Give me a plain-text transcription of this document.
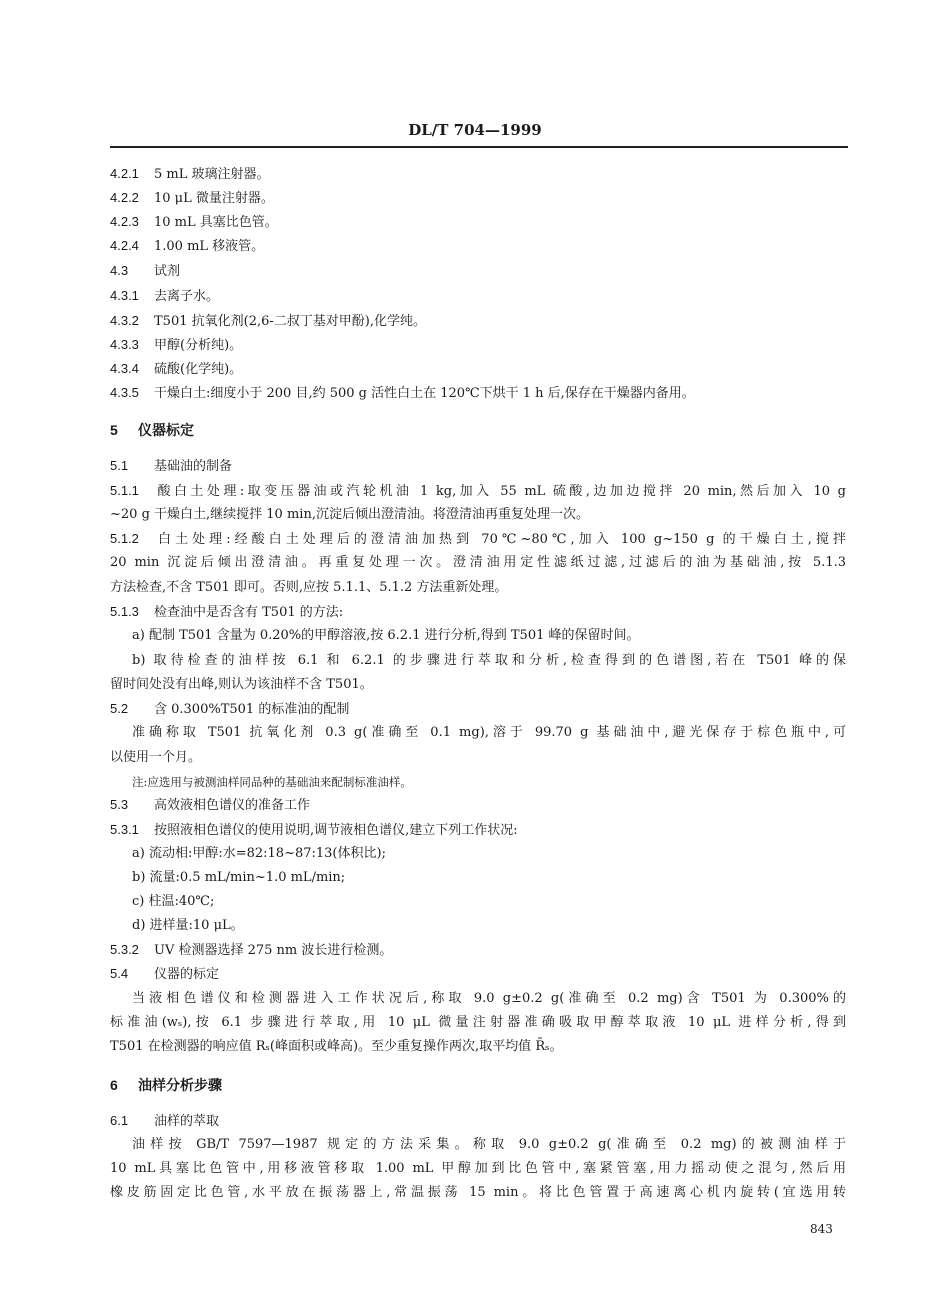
DL/T 704—1999
4.2.1 5 mL 玻璃注射器。
4.2.2 10 μL 微量注射器。
4.2.3 10 mL 具塞比色管。
4.2.4 1.00 mL 移液管。
4.3 试剂
4.3.1 去离子水。
4.3.2 T501 抗氧化剂(2,6-二叔丁基对甲酚),化学纯。
4.3.3 甲醇(分析纯)。
4.3.4 硫酸(化学纯)。
4.3.5 干燥白土:细度小于 200 目,约 500 g 活性白土在 120℃下烘干 1 h 后,保存在干燥器内备用。
5 仪器标定
5.1 基础油的制备
5.1.1 酸白土处理:取变压器油或汽轮机油 1 kg,加入 55 mL 硫酸,边加边搅拌 20 min,然后加入 10 g
~20 g 干燥白土,继续搅拌 10 min,沉淀后倾出澄清油。将澄清油再重复处理一次。
5.1.2 白土处理:经酸白土处理后的澄清油加热到 70℃~80℃,加入 100 g~150 g 的干燥白土,搅拌
20 min 沉淀后倾出澄清油。再重复处理一次。澄清油用定性滤纸过滤,过滤后的油为基础油,按 5.1.3
方法检查,不含 T501 即可。否则,应按 5.1.1、5.1.2 方法重新处理。
5.1.3 检查油中是否含有 T501 的方法:
a) 配制 T501 含量为 0.20%的甲醇溶液,按 6.2.1 进行分析,得到 T501 峰的保留时间。
b) 取待检查的油样按 6.1 和 6.2.1 的步骤进行萃取和分析,检查得到的色谱图,若在 T501 峰的保
留时间处没有出峰,则认为该油样不含 T501。
5.2 含 0.300%T501 的标准油的配制
准确称取 T501 抗氧化剂 0.3 g(准确至 0.1 mg),溶于 99.70 g 基础油中,避光保存于棕色瓶中,可
以使用一个月。
注:应选用与被测油样同品种的基础油来配制标准油样。
5.3 高效液相色谱仪的准备工作
5.3.1 按照液相色谱仪的使用说明,调节液相色谱仪,建立下列工作状况:
a) 流动相:甲醇:水=82:18~87:13(体积比);
b) 流量:0.5 mL/min~1.0 mL/min;
c) 柱温:40℃;
d) 进样量:10 μL。
5.3.2 UV 检测器选择 275 nm 波长进行检测。
5.4 仪器的标定
当液相色谱仪和检测器进入工作状况后,称取 9.0 g±0.2 g(准确至 0.2 mg)含 T501 为 0.300%的
标准油(wₛ),按 6.1 步骤进行萃取,用 10 μL 微量注射器准确吸取甲醇萃取液 10 μL 进样分析,得到
T501 在检测器的响应值 Rₛ(峰面积或峰高)。至少重复操作两次,取平均值 R̄ₛ。
6 油样分析步骤
6.1 油样的萃取
油样按 GB/T 7597—1987 规定的方法采集。称取 9.0 g±0.2 g(准确至 0.2 mg)的被测油样于
10 mL具塞比色管中,用移液管移取 1.00 mL 甲醇加到比色管中,塞紧管塞,用力摇动使之混匀,然后用
橡皮筋固定比色管,水平放在振荡器上,常温振荡 15 min。将比色管置于高速离心机内旋转(宜选用转
843
